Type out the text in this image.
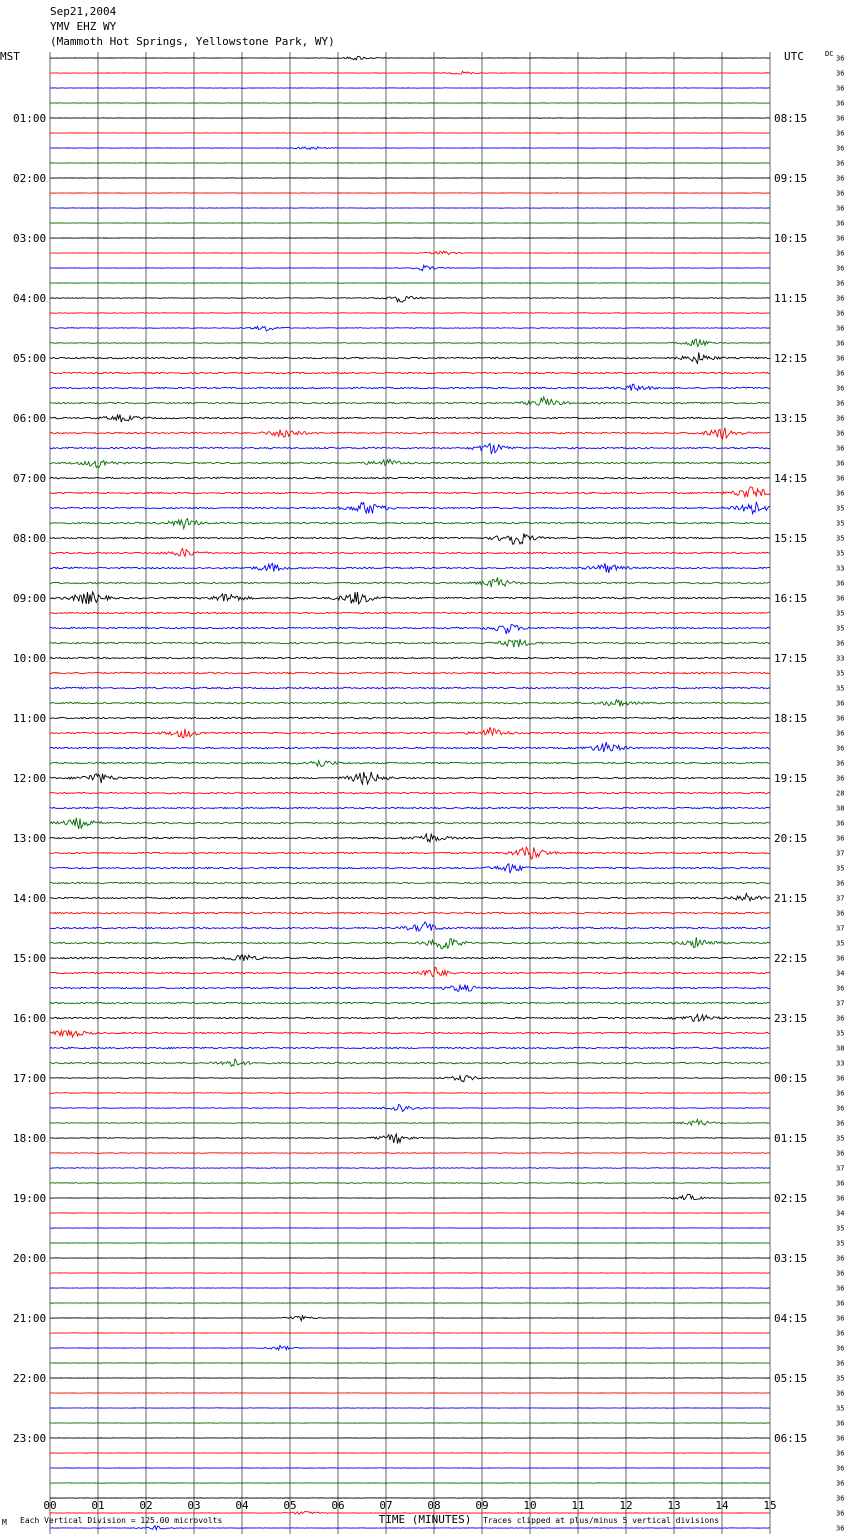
Sep21,2004
YMV EHZ WY
(Mammoth Hot Springs, Yellowstone Park, WY)
MST	UTC	DC
01:00
02:00
03:00
04:00
05:00
06:00
07:00
08:00
09:00
10:00
11:00
12:00
13:00
14:00
15:00
16:00
17:00
18:00
19:00
20:00
21:00
22:00
23:00
08:15
09:15
10:15
11:15
12:15
13:15
14:15
15:15
16:15
17:15
18:15
19:15
20:15
21:15
22:15
23:15
00:15
01:15
02:15
03:15
04:15
05:15
06:15
36
36
36
36
36
36
36
36
36
36
36
36
36
36
36
36
36
36
36
36
36
36
36
36
36
36
36
36
36
36
35
35
35
35
33
36
36
35
35
36
33
35
35
36
36
36
36
36
36
28
38
36
36
37
35
36
37
36
37
35
36
34
36
37
36
35
38
33
36
36
36
36
35
36
37
36
36
34
35
35
36
36
36
36
36
36
36
36
35
36
35
36
36
36
36
36
36
36
36
00	01	02	03	04	05	06	07	08	09	10	11	12	13	14	15
TIME (MINUTES)
M Each Vertical Division = 125.00 microvolts	Traces clipped at plus/minus 5 vertical divisions
